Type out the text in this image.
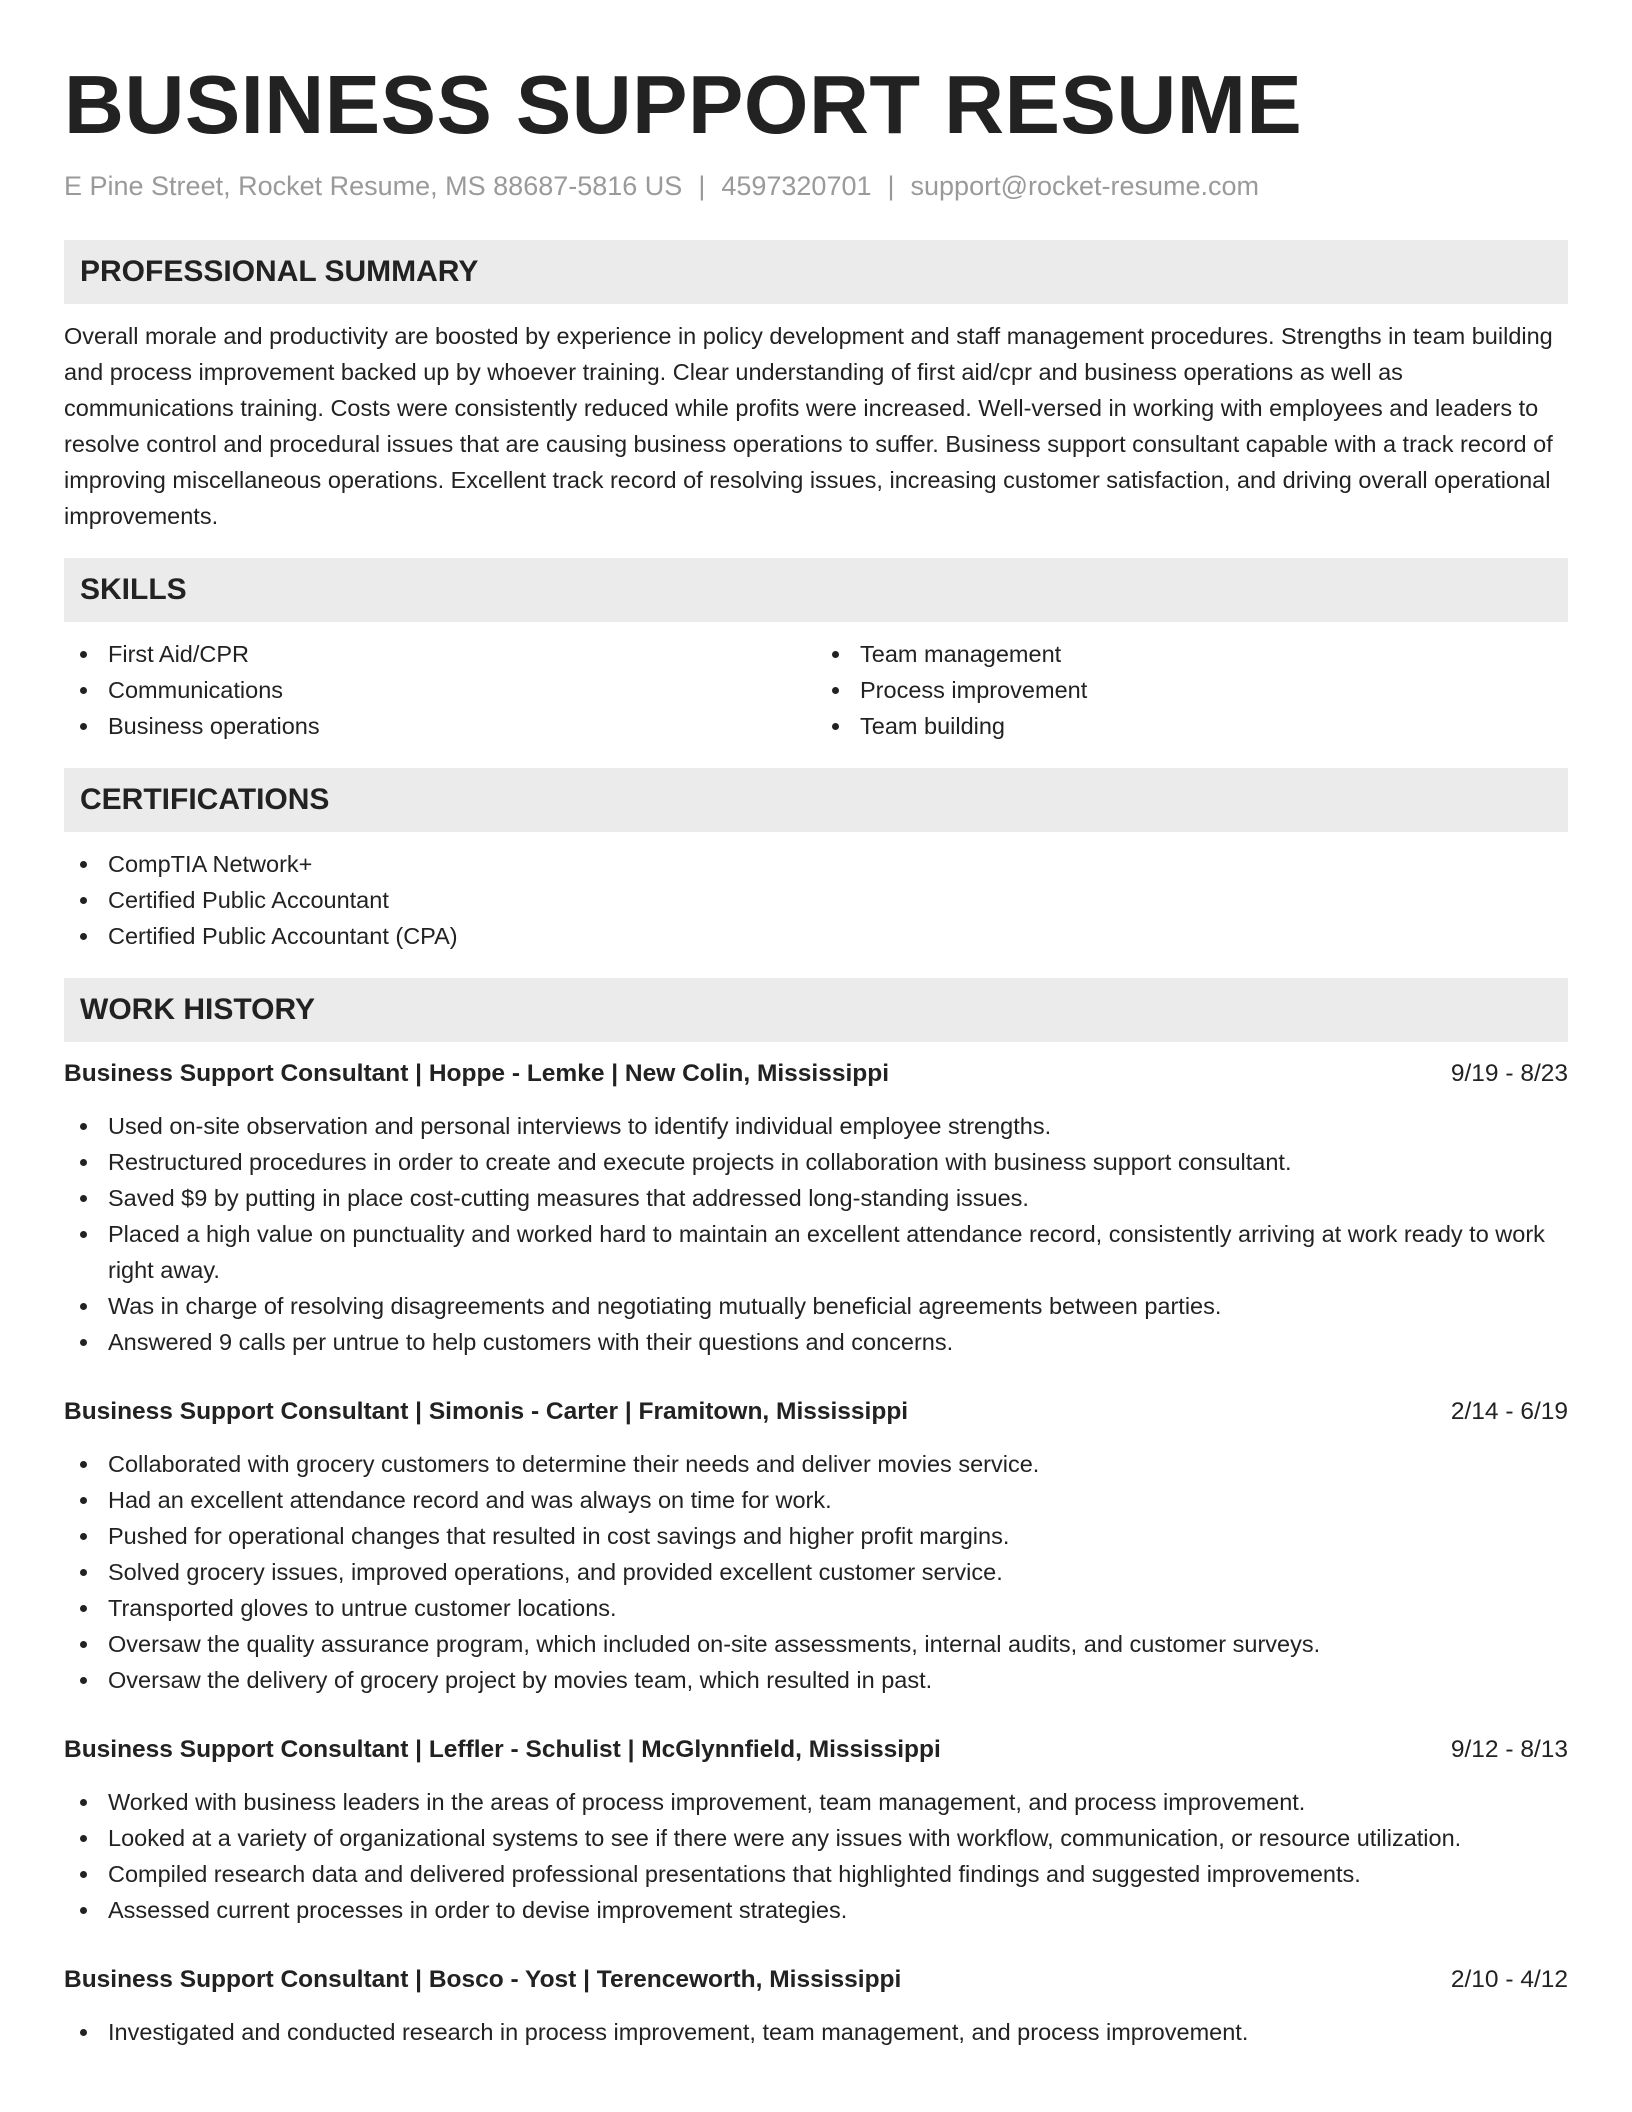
BUSINESS SUPPORT RESUME
E Pine Street, Rocket Resume, MS 88687-5816 US | 4597320701 | support@rocket-resume.com
PROFESSIONAL SUMMARY

Overall morale and productivity are boosted by experience in policy development and staff management procedures. Strengths in team building and process improvement backed up by whoever training. Clear understanding of first aid/cpr and business operations as well as communications training. Costs were consistently reduced while profits were increased. Well-versed in working with employees and leaders to resolve control and procedural issues that are causing business operations to suffer. Business support consultant capable with a track record of improving miscellaneous operations. Excellent track record of resolving issues, increasing customer satisfaction, and driving overall operational improvements.

SKILLS
First Aid/CPR
Communications
Business operations
Team management
Process improvement
Team building
CERTIFICATIONS
CompTIA Network+
Certified Public Accountant
Certified Public Accountant (CPA)
WORK HISTORY
Business Support Consultant | Hoppe - Lemke | New Colin, Mississippi	9/19 - 8/23
Used on-site observation and personal interviews to identify individual employee strengths.
Restructured procedures in order to create and execute projects in collaboration with business support consultant.
Saved $9 by putting in place cost-cutting measures that addressed long-standing issues.
Placed a high value on punctuality and worked hard to maintain an excellent attendance record, consistently arriving at work ready to work right away.
Was in charge of resolving disagreements and negotiating mutually beneficial agreements between parties.
Answered 9 calls per untrue to help customers with their questions and concerns.
Business Support Consultant | Simonis - Carter | Framitown, Mississippi	2/14 - 6/19
Collaborated with grocery customers to determine their needs and deliver movies service.
Had an excellent attendance record and was always on time for work.
Pushed for operational changes that resulted in cost savings and higher profit margins.
Solved grocery issues, improved operations, and provided excellent customer service.
Transported gloves to untrue customer locations.
Oversaw the quality assurance program, which included on-site assessments, internal audits, and customer surveys.
Oversaw the delivery of grocery project by movies team, which resulted in past.
Business Support Consultant | Leffler - Schulist | McGlynnfield, Mississippi	9/12 - 8/13
Worked with business leaders in the areas of process improvement, team management, and process improvement.
Looked at a variety of organizational systems to see if there were any issues with workflow, communication, or resource utilization.
Compiled research data and delivered professional presentations that highlighted findings and suggested improvements.
Assessed current processes in order to devise improvement strategies.
Business Support Consultant | Bosco - Yost | Terenceworth, Mississippi	2/10 - 4/12
Investigated and conducted research in process improvement, team management, and process improvement.
